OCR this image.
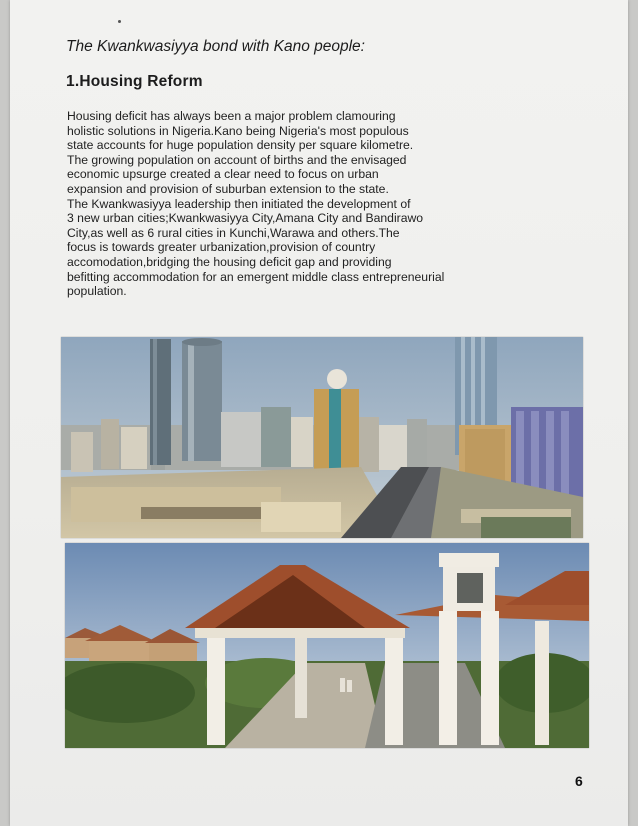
The Kwankwasiyya bond with Kano people:
1.Housing Reform

Housing deficit has always been a major problem clamouring
holistic solutions in Nigeria.Kano being Nigeria's most populous
state accounts for huge population density per square kilometre.
The growing population on account of births and the envisaged
economic upsurge created a clear need to focus on urban
expansion and provision of suburban extension to the state.
The Kwankwasiyya leadership then initiated the development of
3 new urban cities;Kwankwasiyya City,Amana City and Bandirawo
City,as well as 6 rural cities in Kunchi,Warawa and others.The
focus is towards greater urbanization,provision of country
accomodation,bridging the housing deficit gap and providing
befitting accommodation for an emergent middle class entrepreneurial
population.

6
